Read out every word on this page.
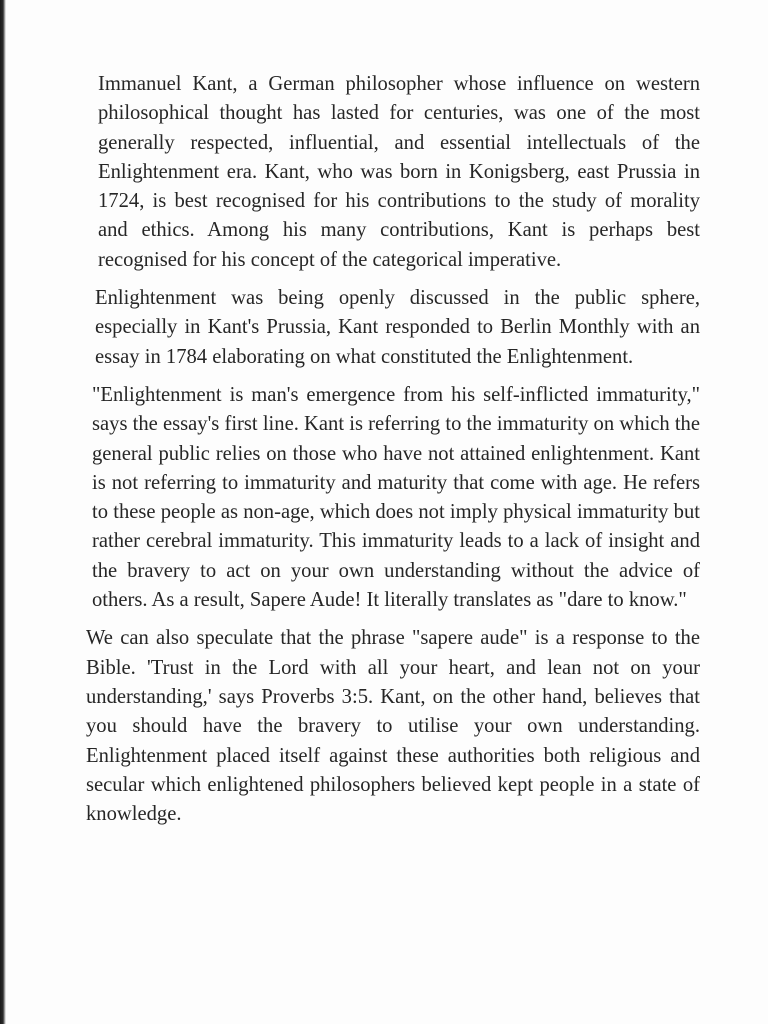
Immanuel Kant, a German philosopher whose influence on western philosophical thought has lasted for centuries, was one of the most generally respected, influential, and essential intellectuals of the Enlightenment era. Kant, who was born in Konigsberg, east Prussia in 1724, is best recognised for his contributions to the study of morality and ethics. Among his many contributions, Kant is perhaps best recognised for his concept of the categorical imperative.

Enlightenment was being openly discussed in the public sphere, especially in Kant's Prussia, Kant responded to Berlin Monthly with an essay in 1784 elaborating on what constituted the Enlightenment.

"Enlightenment is man's emergence from his self-inflicted immaturity," says the essay's first line. Kant is referring to the immaturity on which the general public relies on those who have not attained enlightenment. Kant is not referring to immaturity and maturity that come with age. He refers to these people as non-age, which does not imply physical immaturity but rather cerebral immaturity. This immaturity leads to a lack of insight and the bravery to act on your own understanding without the advice of others. As a result, Sapere Aude! It literally translates as "dare to know."

We can also speculate that the phrase "sapere aude" is a response to the Bible. 'Trust in the Lord with all your heart, and lean not on your understanding,' says Proverbs 3:5. Kant, on the other hand, believes that you should have the bravery to utilise your own understanding. Enlightenment placed itself against these authorities both religious and secular which enlightened philosophers believed kept people in a state of knowledge.
